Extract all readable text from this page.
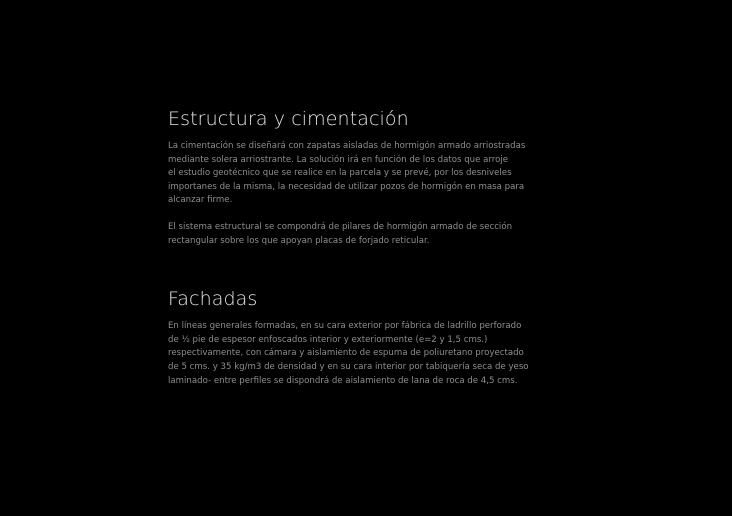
Estructura y cimentación

La cimentación se diseñará con zapatas aisladas de hormigón armado arriostradas
mediante solera arriostrante. La solución irá en función de los datos que arroje
el estudio geotécnico que se realice en la parcela y se prevé, por los desniveles
importanes de la misma, la necesidad de utilizar pozos de hormigón en masa para
alcanzar firme.

El sistema estructural se compondrá de pilares de hormigón armado de sección
rectangular sobre los que apoyan placas de forjado reticular.

Fachadas

En líneas generales formadas, en su cara exterior por fábrica de ladrillo perforado
de ½ pie de espesor enfoscados interior y exteriormente (e=2 y 1,5 cms.)
respectivamente, con cámara y aislamiento de espuma de poliuretano proyectado
de 5 cms. y 35 kg/m3 de densidad y en su cara interior por tabiquería seca de yeso
laminado- entre perfiles se dispondrá de aislamiento de lana de roca de 4,5 cms.
